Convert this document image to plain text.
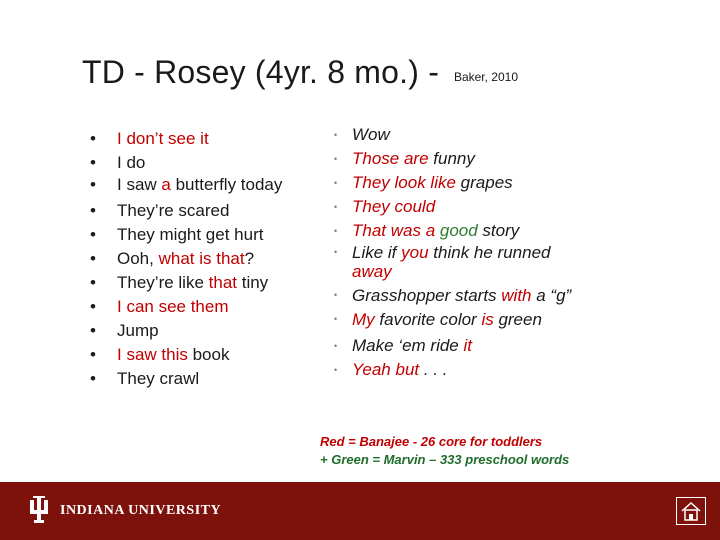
TD - Rosey (4yr. 8 mo.) - Baker, 2010
• I don’t see it
• I do
• I saw a butterfly today
• They’re scared
• They might get hurt
• Ooh, what is that?
• They’re like that tiny
• I can see them
• Jump
• I saw this book
• They crawl
• Wow
• Those are funny
• They look like grapes
• They could
• That was a good story
• Like if you think he runned away
• Grasshopper starts with a “g”
• My favorite color is green
• Make ‘em ride it
• Yeah but . . .
Red = Banajee - 26 core for toddlers
+ Green = Marvin – 333 preschool words
INDIANA UNIVERSITY
